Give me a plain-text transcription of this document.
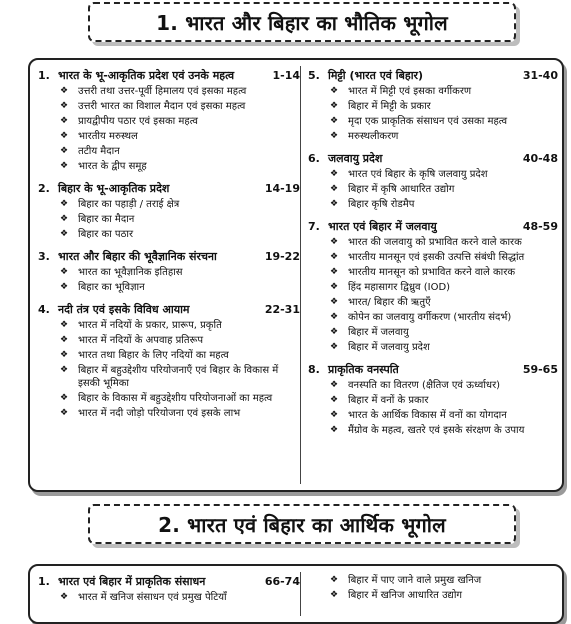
1. भारत और बिहार का भौतिक भूगोल
1. भारत के भू-आकृतिक प्रदेश एवं उनके महत्व	1-14
❖ उत्तरी तथा उत्तर-पूर्वी हिमालय एवं इसका महत्व
❖ उत्तरी भारत का विशाल मैदान एवं इसका महत्व
❖ प्रायद्वीपीय पठार एवं इसका महत्व
❖ भारतीय मरुस्थल
❖ तटीय मैदान
❖ भारत के द्वीप समूह
2. बिहार के भू-आकृतिक प्रदेश	14-19
❖ बिहार का पहाड़ी / तराई क्षेत्र
❖ बिहार का मैदान
❖ बिहार का पठार
3. भारत और बिहार की भूवैज्ञानिक संरचना	19-22
❖ भारत का भूवैज्ञानिक इतिहास
❖ बिहार का भूविज्ञान
4. नदी तंत्र एवं इसके विविध आयाम	22-31
❖ भारत में नदियों के प्रकार, प्रारूप, प्रकृति
❖ भारत में नदियों के अपवाह प्रतिरूप
❖ भारत तथा बिहार के लिए नदियों का महत्व
❖ बिहार में बहुउद्देशीय परियोजनाएँ एवं बिहार के विकास में इसकी भूमिका
❖ बिहार के विकास में बहुउद्देशीय परियोजनाओं का महत्व
❖ भारत में नदी जोड़ो परियोजना एवं इसके लाभ
5. मिट्टी (भारत एवं बिहार)	31-40
❖ भारत में मिट्टी एवं इसका वर्गीकरण
❖ बिहार में मिट्टी के प्रकार
❖ मृदा एक प्राकृतिक संसाधन एवं उसका महत्व
❖ मरुस्थलीकरण
6. जलवायु प्रदेश	40-48
❖ भारत एवं बिहार के कृषि जलवायु प्रदेश
❖ बिहार में कृषि आधारित उद्योग
❖ बिहार कृषि रोडमैप
7. भारत एवं बिहार में जलवायु	48-59
❖ भारत की जलवायु को प्रभावित करने वाले कारक
❖ भारतीय मानसून एवं इसकी उत्पत्ति संबंधी सिद्धांत
❖ भारतीय मानसून को प्रभावित करने वाले कारक
❖ हिंद महासागर द्विध्रुव (IOD)
❖ भारत/ बिहार की ऋतुएँ
❖ कोपेन का जलवायु वर्गीकरण (भारतीय संदर्भ)
❖ बिहार में जलवायु
❖ बिहार में जलवायु प्रदेश
8. प्राकृतिक वनस्पति	59-65
❖ वनस्पति का वितरण (क्षैतिज एवं ऊर्ध्वाधर)
❖ बिहार में वनों के प्रकार
❖ भारत के आर्थिक विकास में वनों का योगदान
❖ मैंग्रोव के महत्व, खतरे एवं इसके संरक्षण के उपाय
2. भारत एवं बिहार का आर्थिक भूगोल
1. भारत एवं बिहार में प्राकृतिक संसाधन	66-74
❖ भारत में खनिज संसाधन एवं प्रमुख पेटियाँ
❖ बिहार में पाए जाने वाले प्रमुख खनिज
❖ बिहार में खनिज आधारित उद्योग
